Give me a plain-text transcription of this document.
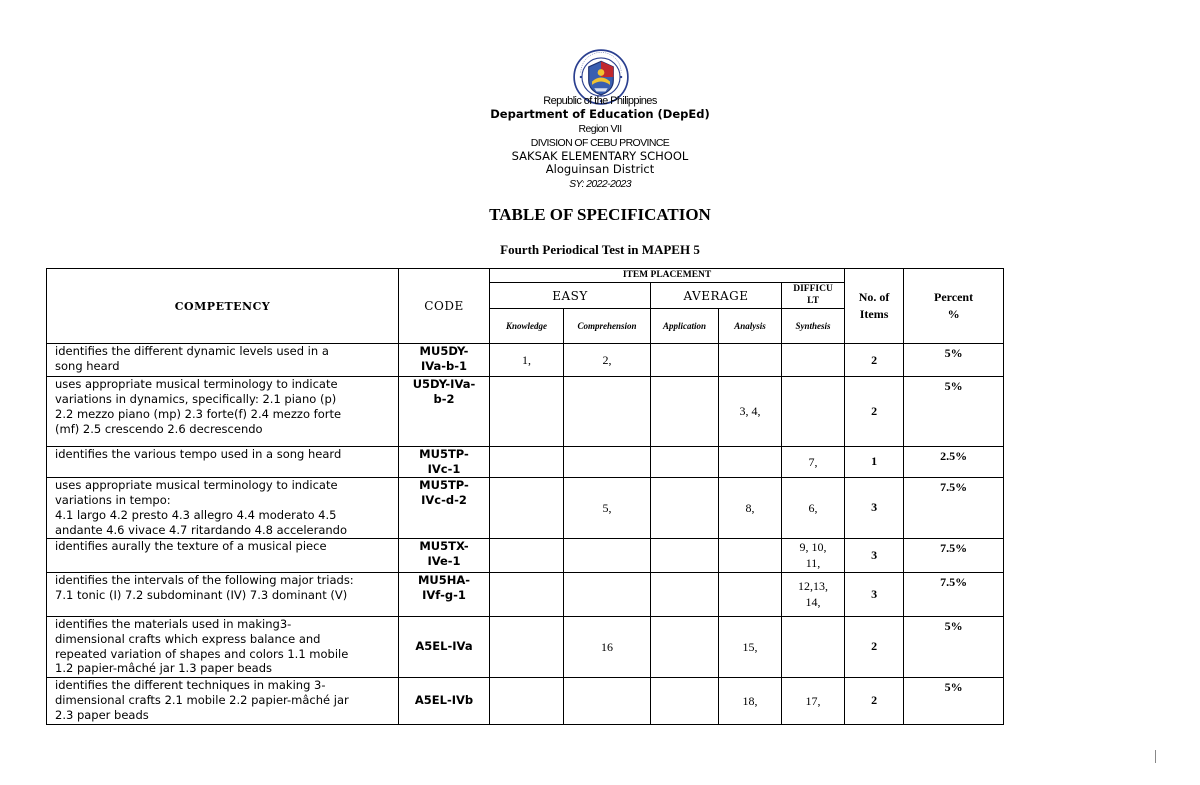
Republic of the Philippines
Department of Education (DepEd)
Region VII
DIVISION OF CEBU PROVINCE
SAKSAK ELEMENTARY SCHOOL
Aloguinsan District
SY: 2022-2023
TABLE OF SPECIFICATION
Fourth Periodical Test in MAPEH 5
COMPETENCY	CODE	ITEM PLACEMENT					No. of
Items	Percent
%
		EASY		AVERAGE		DIFFICU
LT		
		Knowledge	Comprehension	Application	Analysis	Synthesis		
identifies the different dynamic levels used in a
song heard	MU5DY-
IVa-b-1	1,	2,				2	5%
uses appropriate musical terminology to indicate
variations in dynamics, specifically: 2.1 piano (p)
2.2 mezzo piano (mp) 2.3 forte(f) 2.4 mezzo forte
(mf) 2.5 crescendo 2.6 decrescendo	U5DY-IVa-
b-2				3, 4,		2	5%
identifies the various tempo used in a song heard	MU5TP-
IVc-1					7,	1	2.5%
uses appropriate musical terminology to indicate
variations in tempo:
4.1 largo 4.2 presto 4.3 allegro 4.4 moderato 4.5
andante 4.6 vivace 4.7 ritardando 4.8 accelerando	MU5TP-
IVc-d-2		5,		8,	6,	3	7.5%
identifies aurally the texture of a musical piece	MU5TX-
IVe-1					9, 10,
11,	3	7.5%
identifies the intervals of the following major triads:
7.1 tonic (I) 7.2 subdominant (IV) 7.3 dominant (V)	MU5HA-
IVf-g-1					12,13,
14,	3	7.5%
identifies the materials used in making3-
dimensional crafts which express balance and
repeated variation of shapes and colors 1.1 mobile
1.2 papier-mâché jar 1.3 paper beads	A5EL-IVa		16		15,		2	5%
identifies the different techniques in making 3-
dimensional crafts 2.1 mobile 2.2 papier-mâché jar
2.3 paper beads	A5EL-IVb				18,	17,	2	5%
